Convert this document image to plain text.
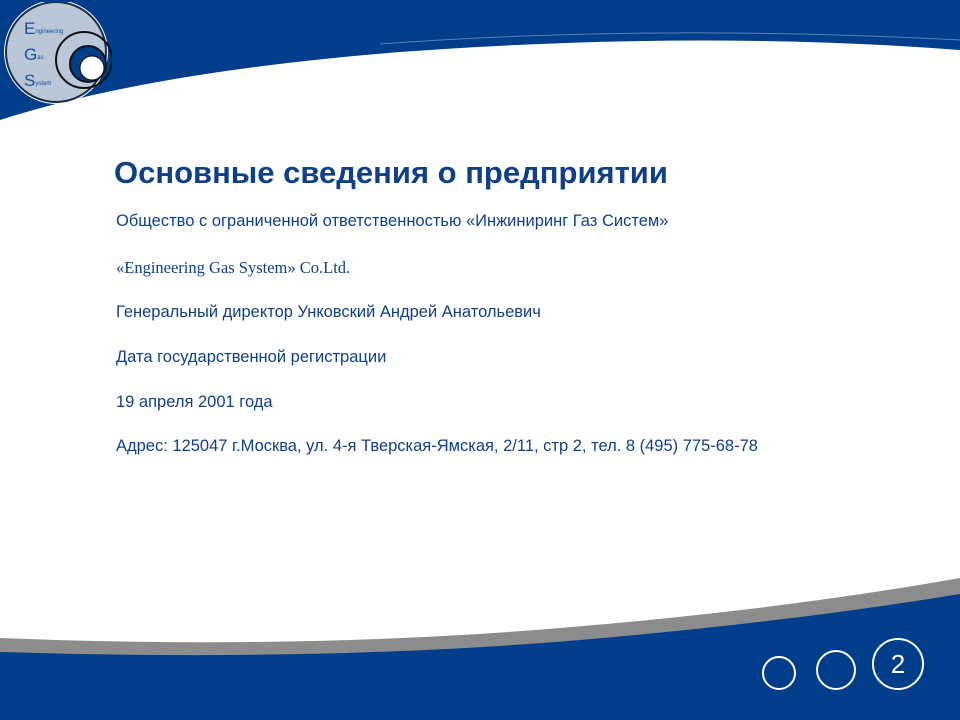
Engineering
Gas
System
Основные сведения о предприятии

Общество с ограниченной ответственностью «Инжиниринг Газ Систем»

«Engineering Gas System» Co.Ltd.

Генеральный директор Ункoвский Андрей Анатольевич

Дата государственной регистрации

19 апреля 2001 года

Адрес: 125047 г.Москва, ул. 4-я Тверская-Ямская, 2/11, стр 2, тел. 8 (495) 775-68-78

2
